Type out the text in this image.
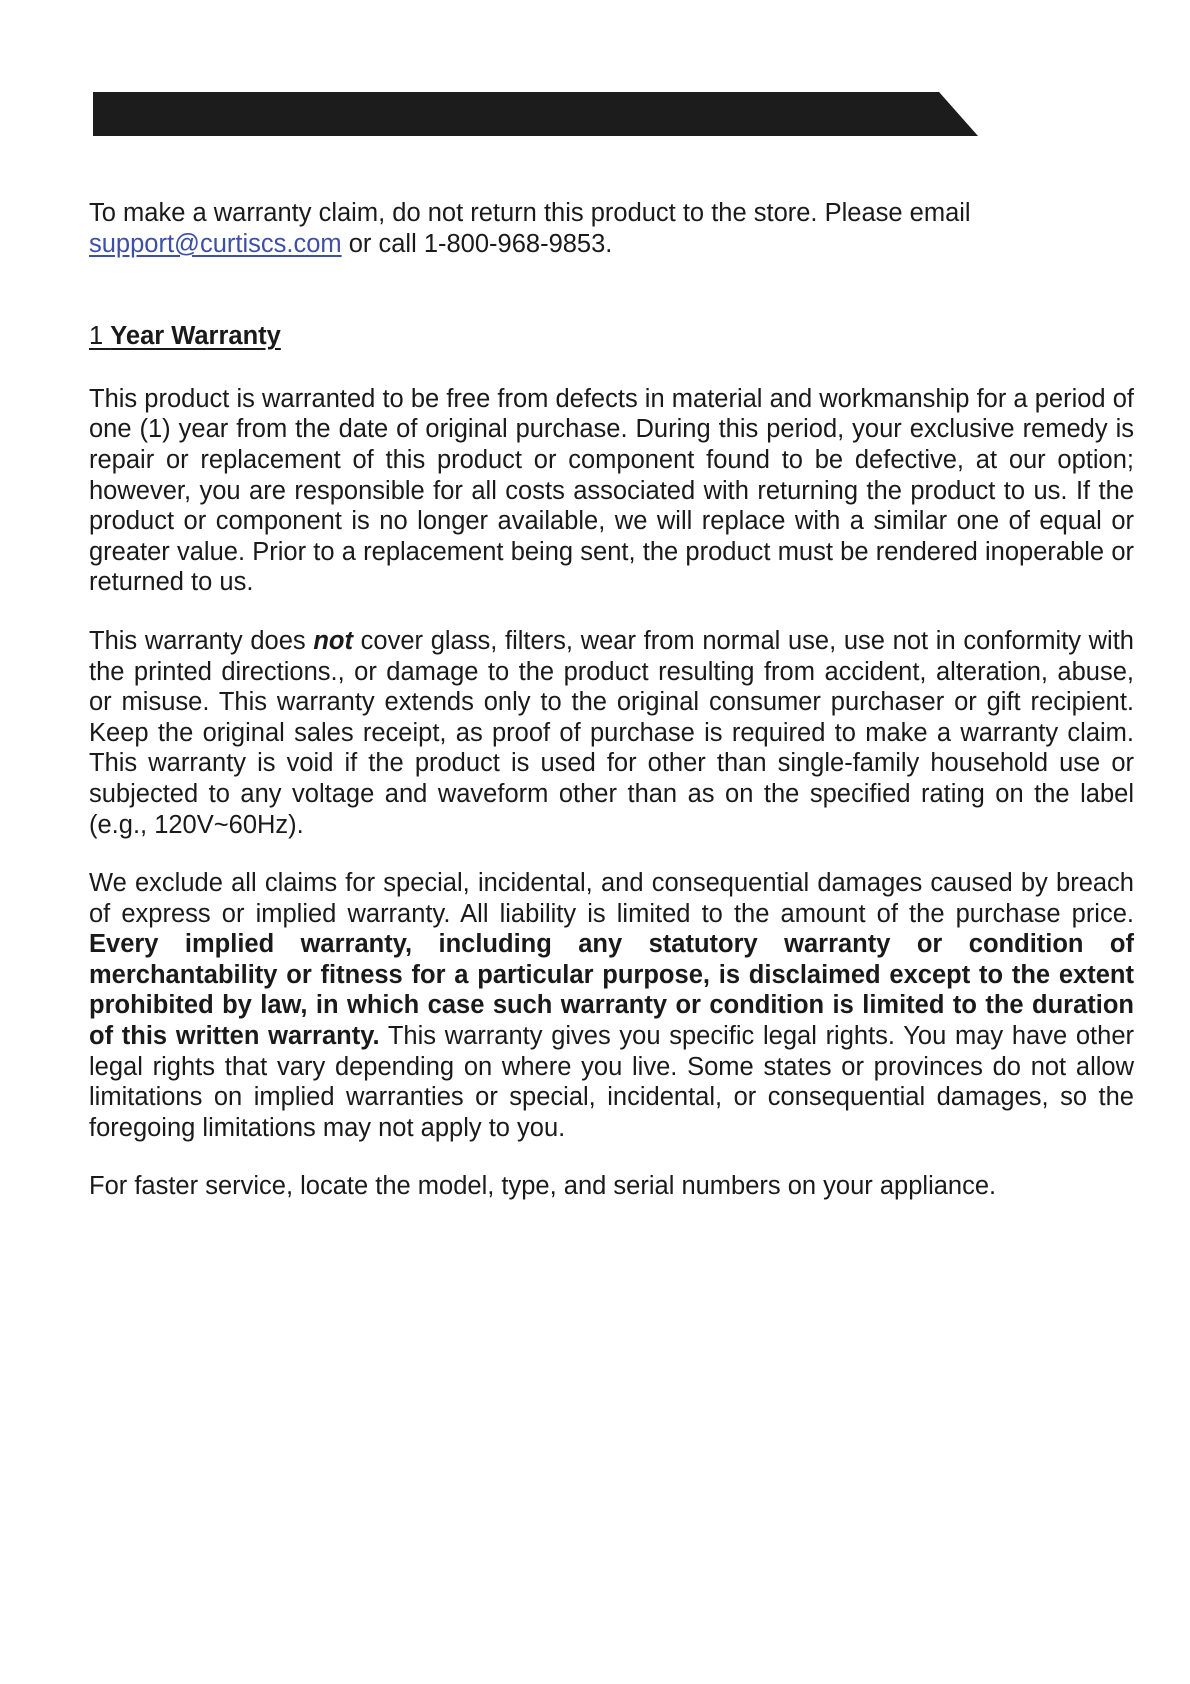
To make a warranty claim, do not return this product to the store. Please email

support@curtiscs.com or call 1-800-968-9853.

1 Year Warranty

This product is warranted to be free from defects in material and workmanship for a period of one (1) year from the date of original purchase. During this period, your exclusive remedy is repair or replacement of this product or component found to be defective, at our option; however, you are responsible for all costs associated with returning the product to us. If the product or component is no longer available, we will replace with a similar one of equal or greater value. Prior to a replacement being sent, the product must be rendered inoperable or returned to us.

This warranty does not cover glass, filters, wear from normal use, use not in conformity with the printed directions., or damage to the product resulting from accident, alteration, abuse, or misuse. This warranty extends only to the original consumer purchaser or gift recipient. Keep the original sales receipt, as proof of purchase is required to make a warranty claim. This warranty is void if the product is used for other than single-family household use or subjected to any voltage and waveform other than as on the specified rating on the label (e.g., 120V~60Hz).

We exclude all claims for special, incidental, and consequential damages caused by breach of express or implied warranty. All liability is limited to the amount of the purchase price. Every implied warranty, including any statutory warranty or condition of merchantability or fitness for a particular purpose, is disclaimed except to the extent prohibited by law, in which case such warranty or condition is limited to the duration of this written warranty. This warranty gives you specific legal rights. You may have other legal rights that vary depending on where you live. Some states or provinces do not allow limitations on implied warranties or special, incidental, or consequential damages, so the foregoing limitations may not apply to you.

For faster service, locate the model, type, and serial numbers on your appliance.
